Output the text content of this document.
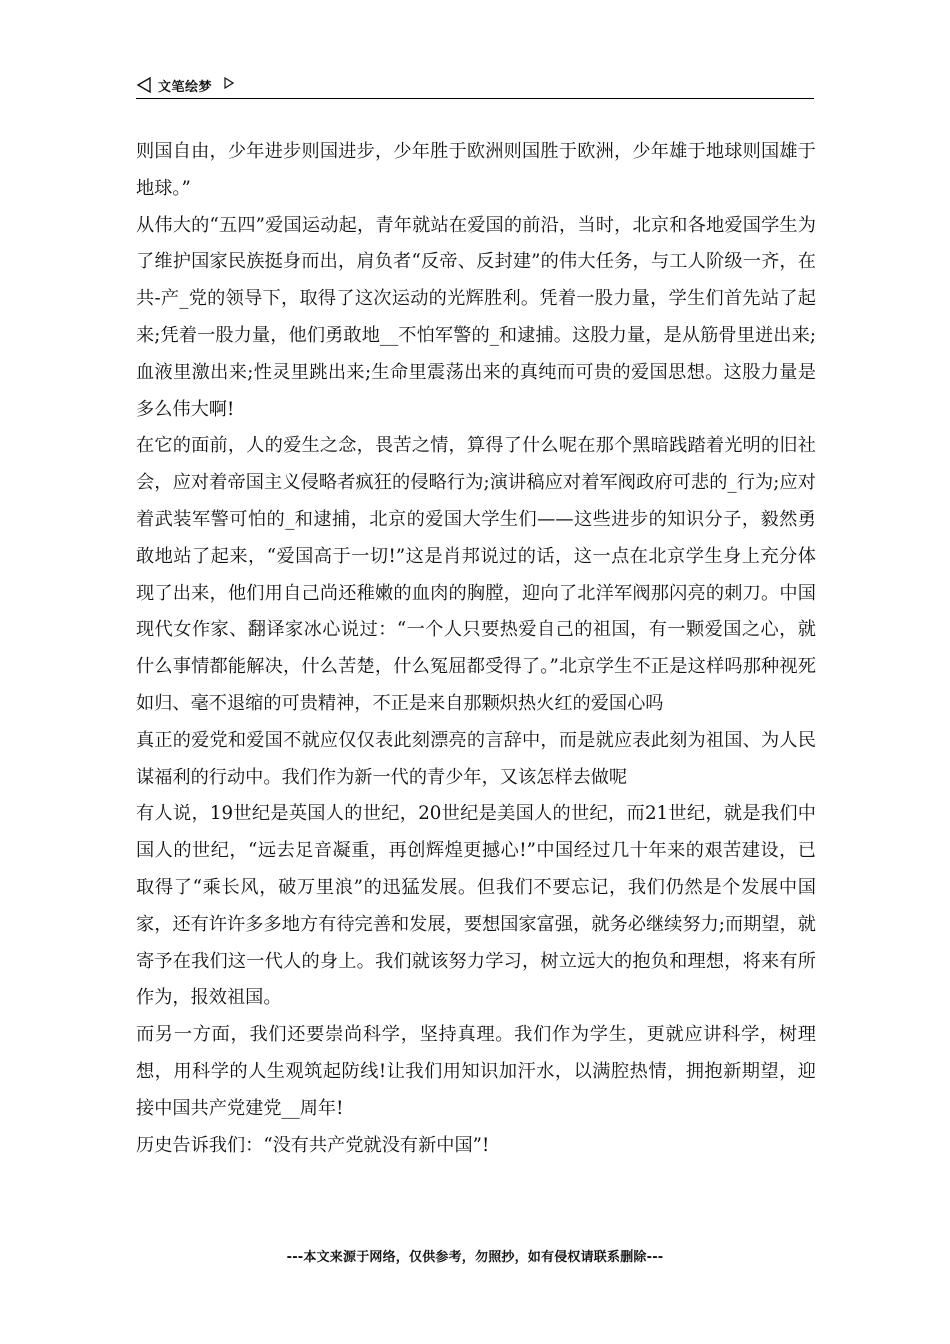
文笔绘梦

则国自由，少年进步则国进步，少年胜于欧洲则国胜于欧洲，少年雄于地球则国雄于地球。”

从伟大的“五四”爱国运动起，青年就站在爱国的前沿，当时，北京和各地爱国学生为了维护国家民族挺身而出，肩负者“反帝、反封建”的伟大任务，与工人阶级一齐，在共-产_党的领导下，取得了这次运动的光辉胜利。凭着一股力量，学生们首先站了起来;凭着一股力量，他们勇敢地__不怕军警的_和逮捕。这股力量，是从筋骨里迸出来;血液里激出来;性灵里跳出来;生命里震荡出来的真纯而可贵的爱国思想。这股力量是多么伟大啊!

在它的面前，人的爱生之念，畏苦之情，算得了什么呢在那个黑暗践踏着光明的旧社会，应对着帝国主义侵略者疯狂的侵略行为;演讲稿应对着军阀政府可悲的_行为;应对着武装军警可怕的_和逮捕，北京的爱国大学生们——这些进步的知识分子，毅然勇敢地站了起来，“爱国高于一切!”这是肖邦说过的话，这一点在北京学生身上充分体现了出来，他们用自己尚还稚嫩的血肉的胸膛，迎向了北洋军阀那闪亮的刺刀。中国现代女作家、翻译家冰心说过：“一个人只要热爱自己的祖国，有一颗爱国之心，就什么事情都能解决，什么苦楚，什么冤屈都受得了。”北京学生不正是这样吗那种视死如归、毫不退缩的可贵精神，不正是来自那颗炽热火红的爱国心吗

真正的爱党和爱国不就应仅仅表此刻漂亮的言辞中，而是就应表此刻为祖国、为人民谋福利的行动中。我们作为新一代的青少年，又该怎样去做呢

有人说，19世纪是英国人的世纪，20世纪是美国人的世纪，而21世纪，就是我们中国人的世纪，“远去足音凝重，再创辉煌更撼心!”中国经过几十年来的艰苦建设，已取得了“乘长风，破万里浪”的迅猛发展。但我们不要忘记，我们仍然是个发展中国家，还有许许多多地方有待完善和发展，要想国家富强，就务必继续努力;而期望，就寄予在我们这一代人的身上。我们就该努力学习，树立远大的抱负和理想，将来有所作为，报效祖国。

而另一方面，我们还要崇尚科学，坚持真理。我们作为学生，更就应讲科学，树理想，用科学的人生观筑起防线!让我们用知识加汗水，以满腔热情，拥抱新期望，迎接中国共产党建党__周年!

历史告诉我们：“没有共产党就没有新中国”!

---本文来源于网络，仅供参考，勿照抄，如有侵权请联系删除---
